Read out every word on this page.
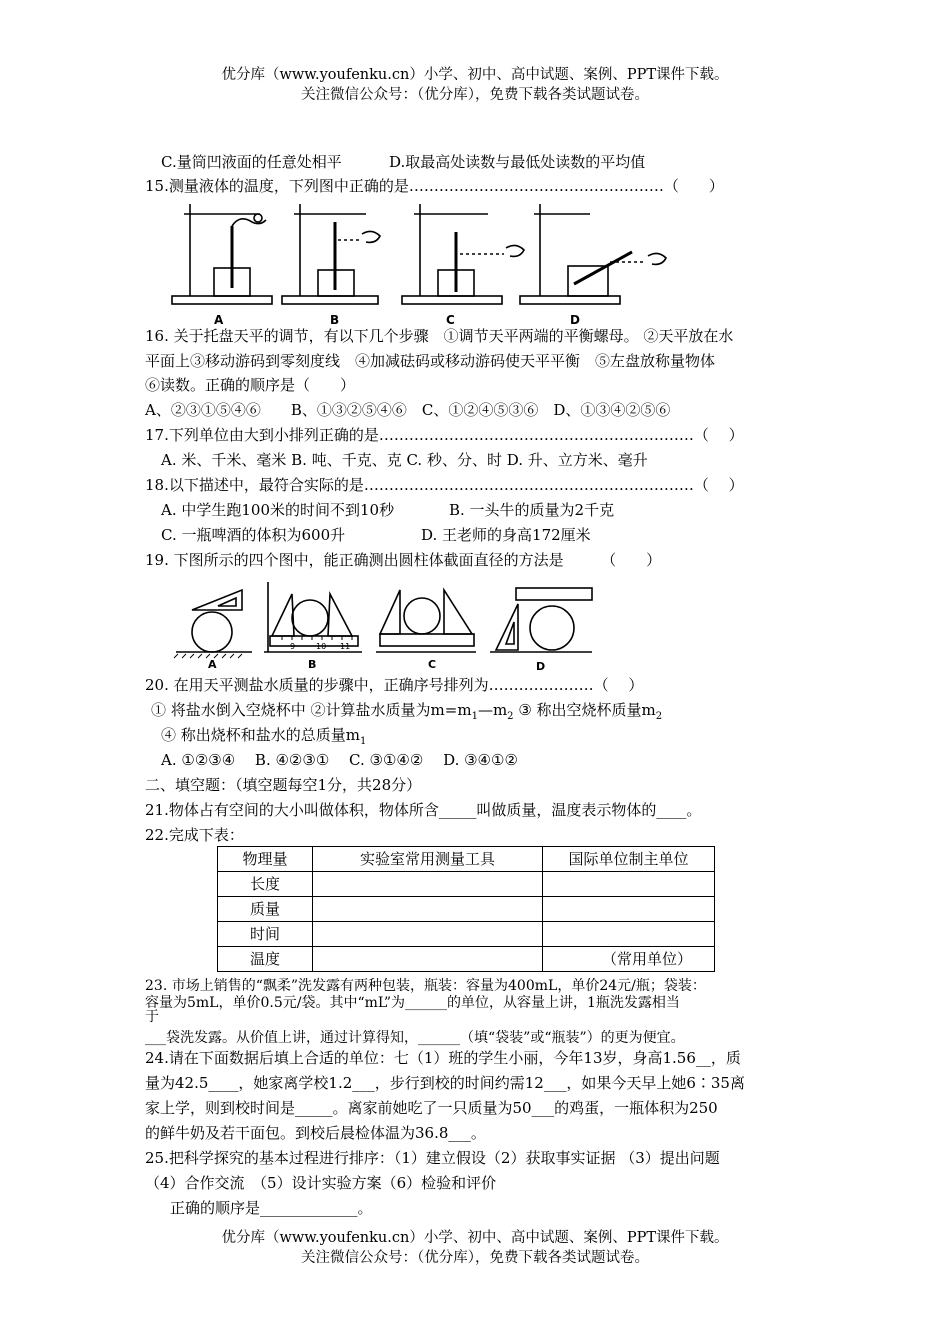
优分库（www.youfenku.cn）小学、初中、高中试题、案例、PPT课件下载。
关注微信公众号：（优分库），免费下载各类试题试卷。
C.量筒凹液面的任意处相平	D.取最高处读数与最低处读数的平均值
15.测量液体的温度，下列图中正确的是……………………………………………（　　）
A	B	C	D
16. 关于托盘天平的调节，有以下几个步骤　①调节天平两端的平衡螺母。 ②天平放在水
平面上③移动游码到零刻度线　④加减砝码或移动游码使天平平衡　⑤左盘放称量物体
⑥读数。正确的顺序是（　　）
A、②③①⑤④⑥　　B、①③②⑤④⑥　C、①②④⑤③⑥　D、①③④②⑤⑥
17.下列单位由大到小排列正确的是………………………………………………………（　 ）
A. 米、千米、毫米 B. 吨、千克、克 C. 秒、分、时 D. 升、立方米、毫升
18.以下描述中，最符合实际的是…………………………………………………………（　 ）
A. 中学生跑100米的时间不到10秒	B. 一头牛的质量为2千克
C. 一瓶啤酒的体积为600升	D. 王老师的身高172厘米
19. 下图所示的四个图中，能正确测出圆柱体截面直径的方法是　　　（　　）
9	10 11
A	B	C	D
20. 在用天平测盐水质量的步骤中，正确序号排列为…………………（　 ）
① 将盐水倒入空烧杯中 ②计算盐水质量为$m=m_1—m_2$ ③ 称出空烧杯质量$m_2$
④ 称出烧杯和盐水的总质量$m_1$
A. ①②③④　 B. ④②③①　 C. ③①④②　 D. ③④①②
二、填空题：（填空题每空1分，共28分）
21.物体占有空间的大小叫做体积，物体所含_____叫做质量，温度表示物体的____。
22.完成下表：
物理量	实验室常用测量工具	国际单位制主单位
长度		
质量		
时间		
温度		（常用单位）
23. 市场上销售的“飘柔”洗发露有两种包装，瓶装：容量为400mL，单价24元/瓶；袋装：
容量为5mL，单价0.5元/袋。其中“mL”为______的单位，从容量上讲，1瓶洗发露相当
于
___袋洗发露。从价值上讲，通过计算得知，______（填“袋装”或“瓶装”）的更为便宜。
24.请在下面数据后填上合适的单位：七（1）班的学生小丽，今年13岁，身高1.56__，质
量为42.5____，她家离学校1.2___，步行到校的时间约需12___，如果今天早上她6∶35离
家上学，则到校时间是_____。离家前她吃了一只质量为50___的鸡蛋，一瓶体积为250
的鲜牛奶及若干面包。到校后晨检体温为36.8___。
25.把科学探究的基本过程进行排序：（1）建立假设（2）获取事实证据 （3）提出问题
（4）合作交流　（5）设计实验方案（6）检验和评价
正确的顺序是_____________。
优分库（www.youfenku.cn）小学、初中、高中试题、案例、PPT课件下载。
关注微信公众号：（优分库），免费下载各类试题试卷。
